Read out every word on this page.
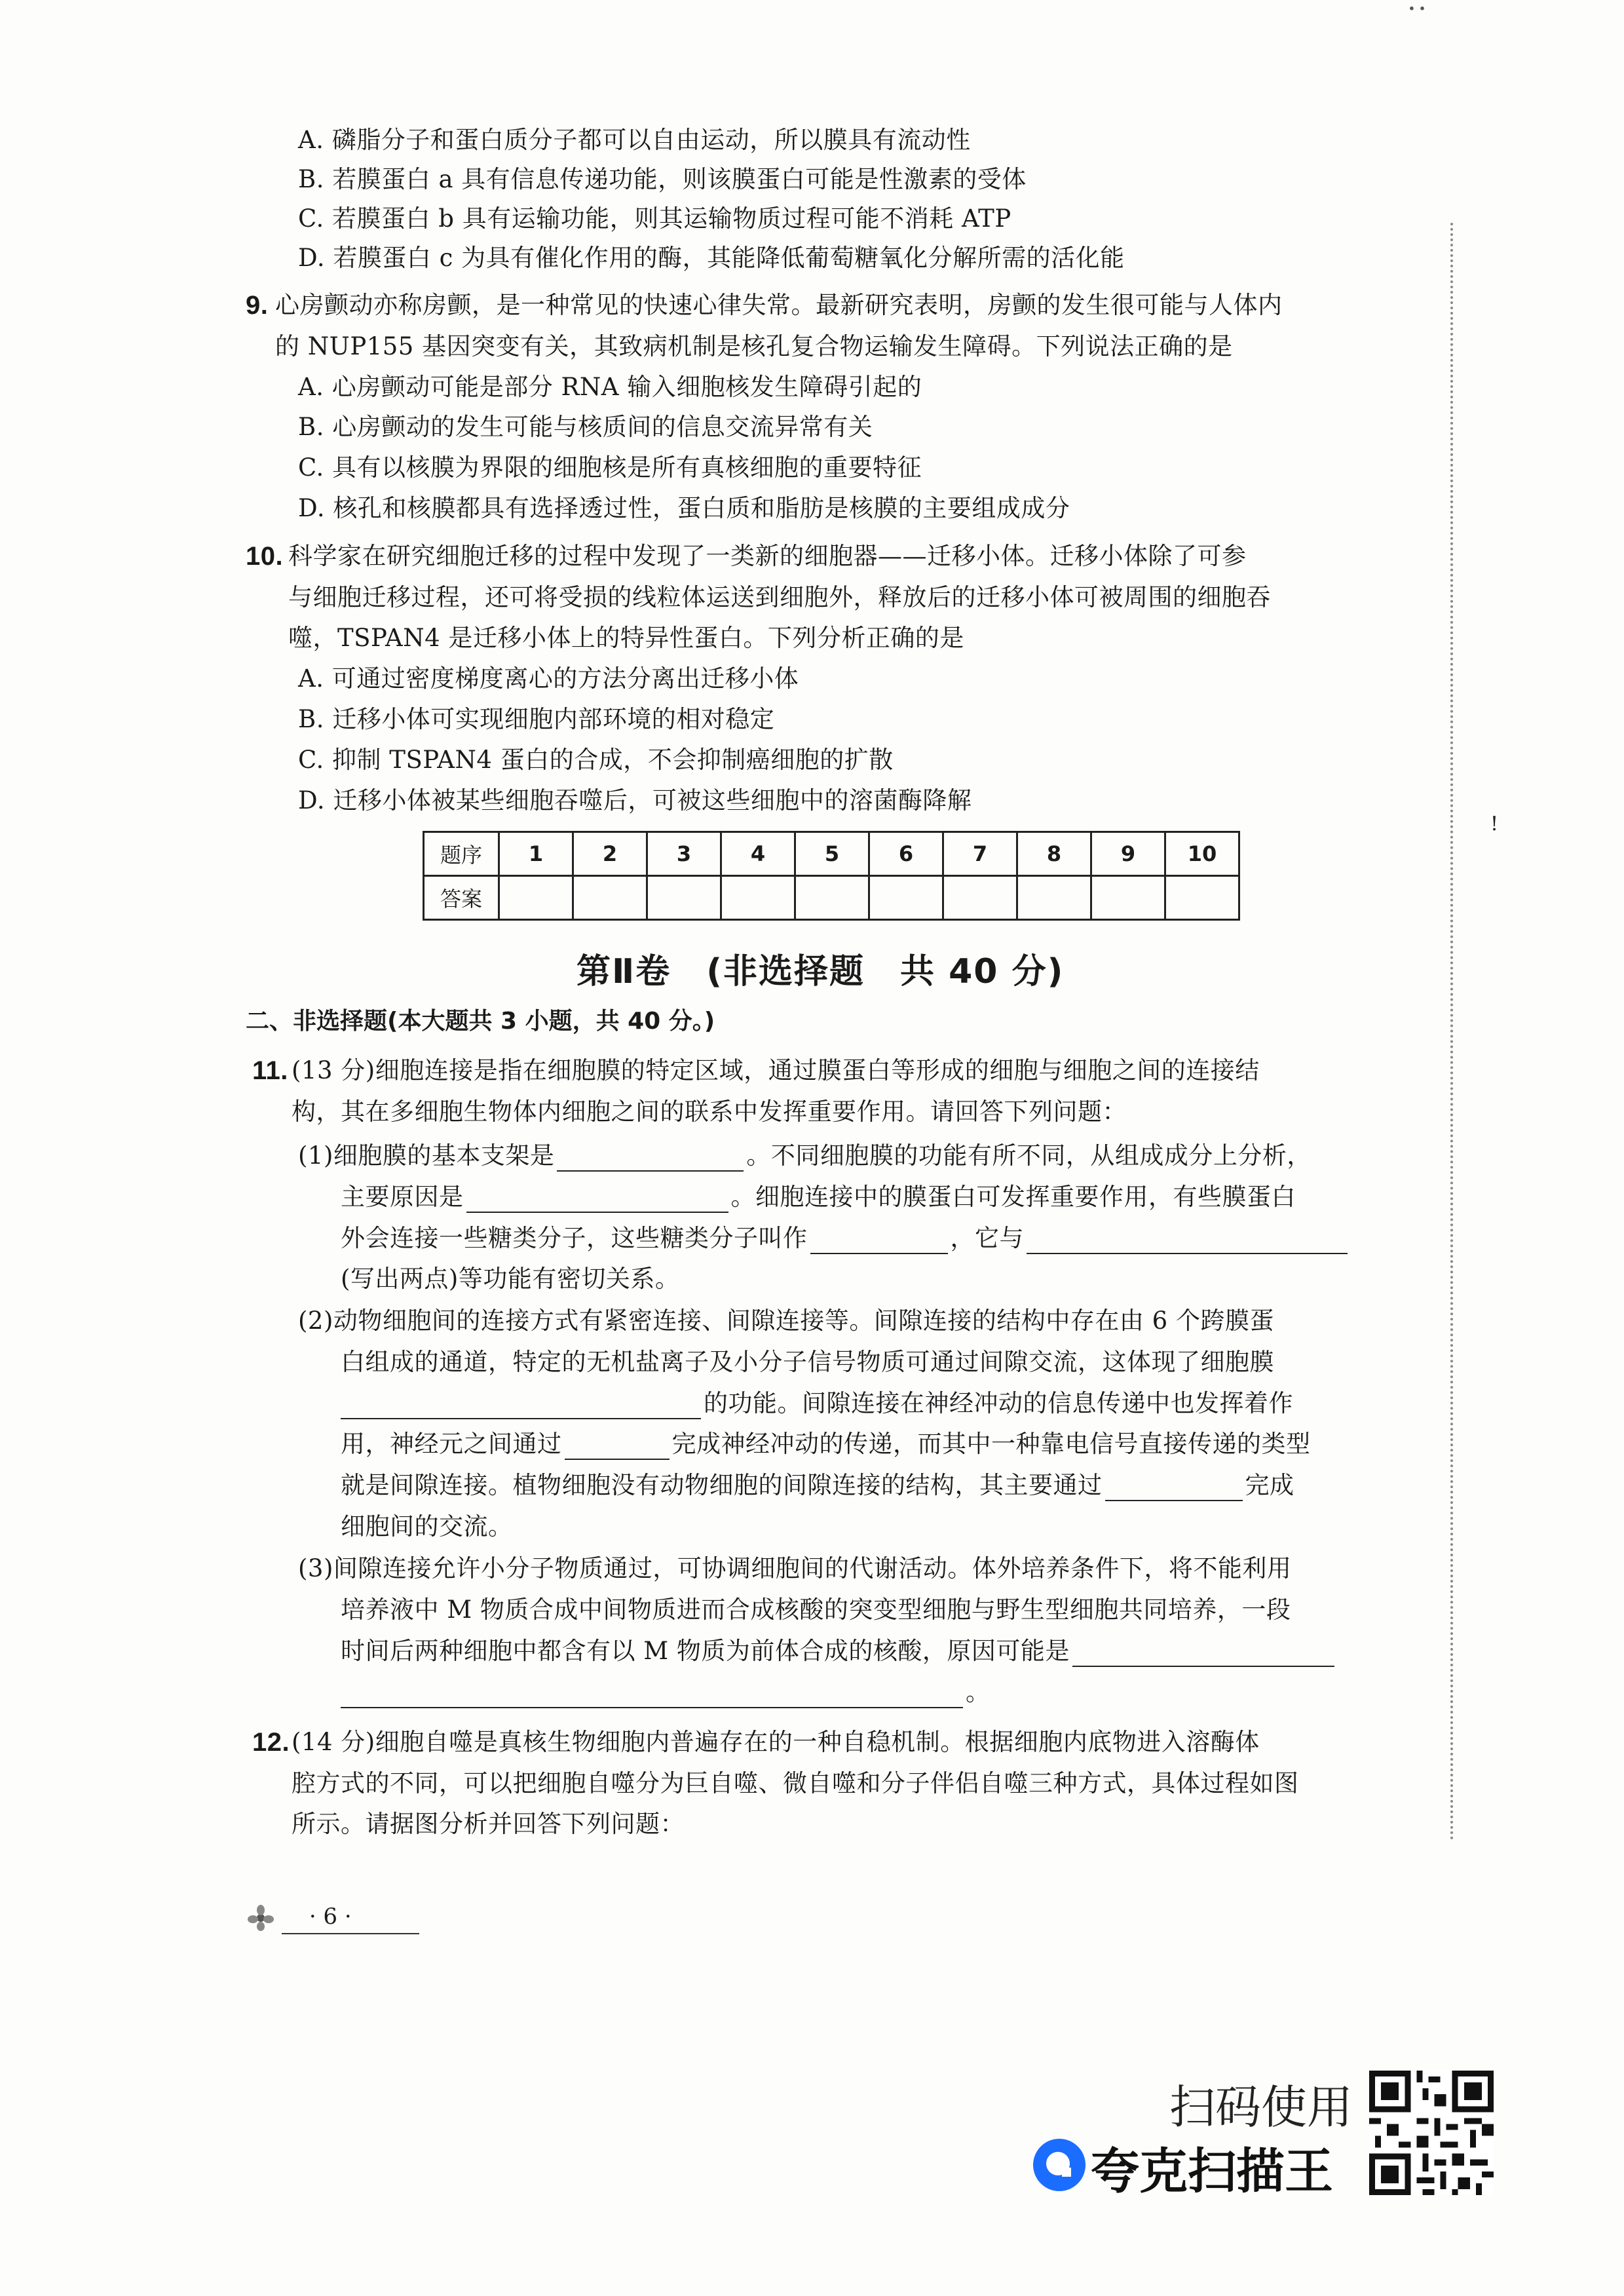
∙ ∙
!
A. 磷脂分子和蛋白质分子都可以自由运动，所以膜具有流动性
B. 若膜蛋白 a 具有信息传递功能，则该膜蛋白可能是性激素的受体
C. 若膜蛋白 b 具有运输功能，则其运输物质过程可能不消耗 ATP
D. 若膜蛋白 c 为具有催化作用的酶，其能降低葡萄糖氧化分解所需的活化能
9. 心房颤动亦称房颤，是一种常见的快速心律失常。最新研究表明，房颤的发生很可能与人体内
的 NUP155 基因突变有关，其致病机制是核孔复合物运输发生障碍。下列说法正确的是
A. 心房颤动可能是部分 RNA 输入细胞核发生障碍引起的
B. 心房颤动的发生可能与核质间的信息交流异常有关
C. 具有以核膜为界限的细胞核是所有真核细胞的重要特征
D. 核孔和核膜都具有选择透过性，蛋白质和脂肪是核膜的主要组成成分
10. 科学家在研究细胞迁移的过程中发现了一类新的细胞器——迁移小体。迁移小体除了可参
与细胞迁移过程，还可将受损的线粒体运送到细胞外，释放后的迁移小体可被周围的细胞吞
噬，TSPAN4 是迁移小体上的特异性蛋白。下列分析正确的是
A. 可通过密度梯度离心的方法分离出迁移小体
B. 迁移小体可实现细胞内部环境的相对稳定
C. 抑制 TSPAN4 蛋白的合成，不会抑制癌细胞的扩散
D. 迁移小体被某些细胞吞噬后，可被这些细胞中的溶菌酶降解
题序	1	2	3	4	5	6	7	8	9	10
答案										
第Ⅱ卷　(非选择题　共 40 分)
二、非选择题(本大题共 3 小题，共 40 分。)
11. (13 分)细胞连接是指在细胞膜的特定区域，通过膜蛋白等形成的细胞与细胞之间的连接结
构，其在多细胞生物体内细胞之间的联系中发挥重要作用。请回答下列问题：
(1)细胞膜的基本支架是	。不同细胞膜的功能有所不同，从组成成分上分析，
主要原因是	。细胞连接中的膜蛋白可发挥重要作用，有些膜蛋白
外会连接一些糖类分子，这些糖类分子叫作	，它与
(写出两点)等功能有密切关系。
(2)动物细胞间的连接方式有紧密连接、间隙连接等。间隙连接的结构中存在由 6 个跨膜蛋
白组成的通道，特定的无机盐离子及小分子信号物质可通过间隙交流，这体现了细胞膜
的功能。间隙连接在神经冲动的信息传递中也发挥着作
用，神经元之间通过	完成神经冲动的传递，而其中一种靠电信号直接传递的类型
就是间隙连接。植物细胞没有动物细胞的间隙连接的结构，其主要通过	完成
细胞间的交流。
(3)间隙连接允许小分子物质通过，可协调细胞间的代谢活动。体外培养条件下，将不能利用
培养液中 M 物质合成中间物质进而合成核酸的突变型细胞与野生型细胞共同培养，一段
时间后两种细胞中都含有以 M 物质为前体合成的核酸，原因可能是
。
12. (14 分)细胞自噬是真核生物细胞内普遍存在的一种自稳机制。根据细胞内底物进入溶酶体
腔方式的不同，可以把细胞自噬分为巨自噬、微自噬和分子伴侣自噬三种方式，具体过程如图
所示。请据图分析并回答下列问题：
· 6 ·
扫码使用
夸克扫描王
